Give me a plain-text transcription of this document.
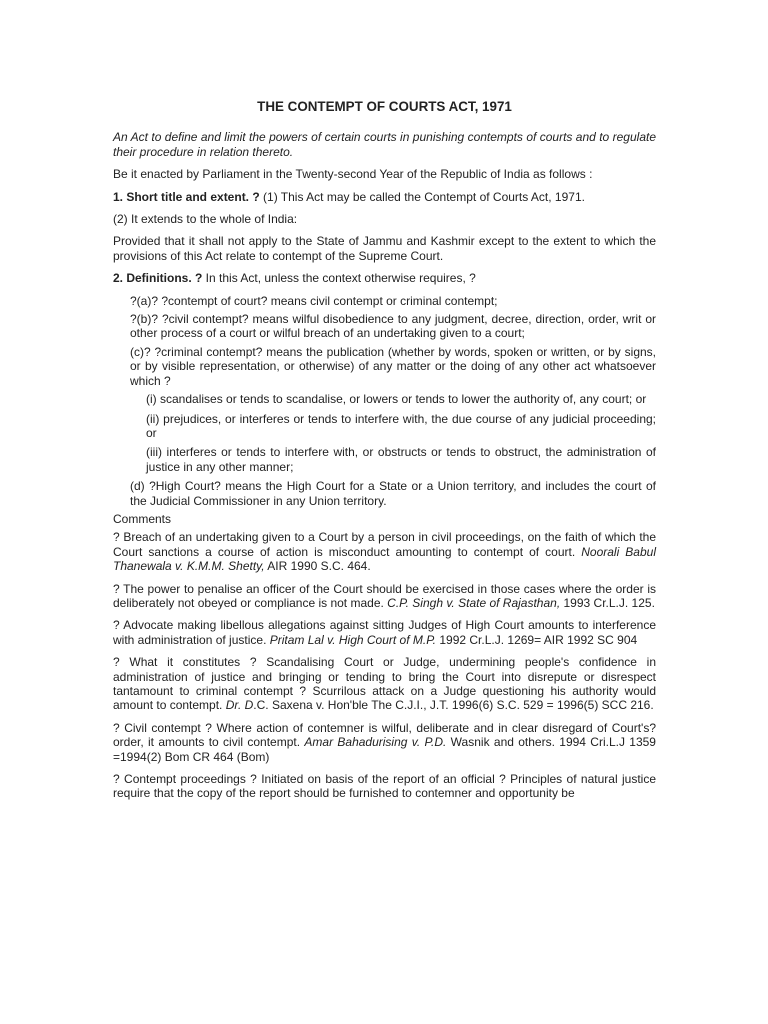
THE CONTEMPT OF COURTS ACT, 1971

An Act to define and limit the powers of certain courts in punishing contempts of courts and to regulate their procedure in relation thereto.

Be it enacted by Parliament in the Twenty-second Year of the Republic of India as follows :

1. Short title and extent. ? (1) This Act may be called the Contempt of Courts Act, 1971.

(2) It extends to the whole of India:

Provided that it shall not apply to the State of Jammu and Kashmir except to the extent to which the provisions of this Act relate to contempt of the Supreme Court.

2. Definitions. ? In this Act, unless the context otherwise requires, ?

?(a)? ?contempt of court? means civil contempt or criminal contempt;

?(b)? ?civil contempt? means wilful disobedience to any judgment, decree, direction, order, writ or other process of a court or wilful breach of an undertaking given to a court;

(c)? ?criminal contempt? means the publication (whether by words, spoken or written, or by signs, or by visible representation, or otherwise) of any matter or the doing of any other act whatsoever which ?

(i) scandalises or tends to scandalise, or lowers or tends to lower the authority of, any court; or

(ii) prejudices, or interferes or tends to interfere with, the due course of any judicial proceeding; or

(iii) interferes or tends to interfere with, or obstructs or tends to obstruct, the administration of justice in any other manner;

(d) ?High Court? means the High Court for a State or a Union territory, and includes the court of the Judicial Commissioner in any Union territory.

Comments

? Breach of an undertaking given to a Court by a person in civil proceedings, on the faith of which the Court sanctions a course of action is misconduct amounting to contempt of court. Noorali Babul Thanewala v. K.M.M. Shetty, AIR 1990 S.C. 464.

? The power to penalise an officer of the Court should be exercised in those cases where the order is deliberately not obeyed or compliance is not made. C.P. Singh v. State of Rajasthan, 1993 Cr.L.J. 125.

? Advocate making libellous allegations against sitting Judges of High Court amounts to interference with administration of justice. Pritam Lal v. High Court of M.P. 1992 Cr.L.J. 1269= AIR 1992 SC 904

? What it constitutes ? Scandalising Court or Judge, undermining people's confidence in administration of justice and bringing or tending to bring the Court into disrepute or disrespect tantamount to criminal contempt ? Scurrilous attack on a Judge questioning his authority would amount to contempt. Dr. D.C. Saxena v. Hon'ble The C.J.I., J.T. 1996(6) S.C. 529 = 1996(5) SCC 216.

? Civil contempt ? Where action of contemner is wilful, deliberate and in clear disregard of Court's? order, it amounts to civil contempt. Amar Bahadurising v. P.D. Wasnik and others. 1994 Cri.L.J 1359 =1994(2) Bom CR 464 (Bom)

? Contempt proceedings ? Initiated on basis of the report of an official ? Principles of natural justice require that the copy of the report should be furnished to contemner and opportunity be
